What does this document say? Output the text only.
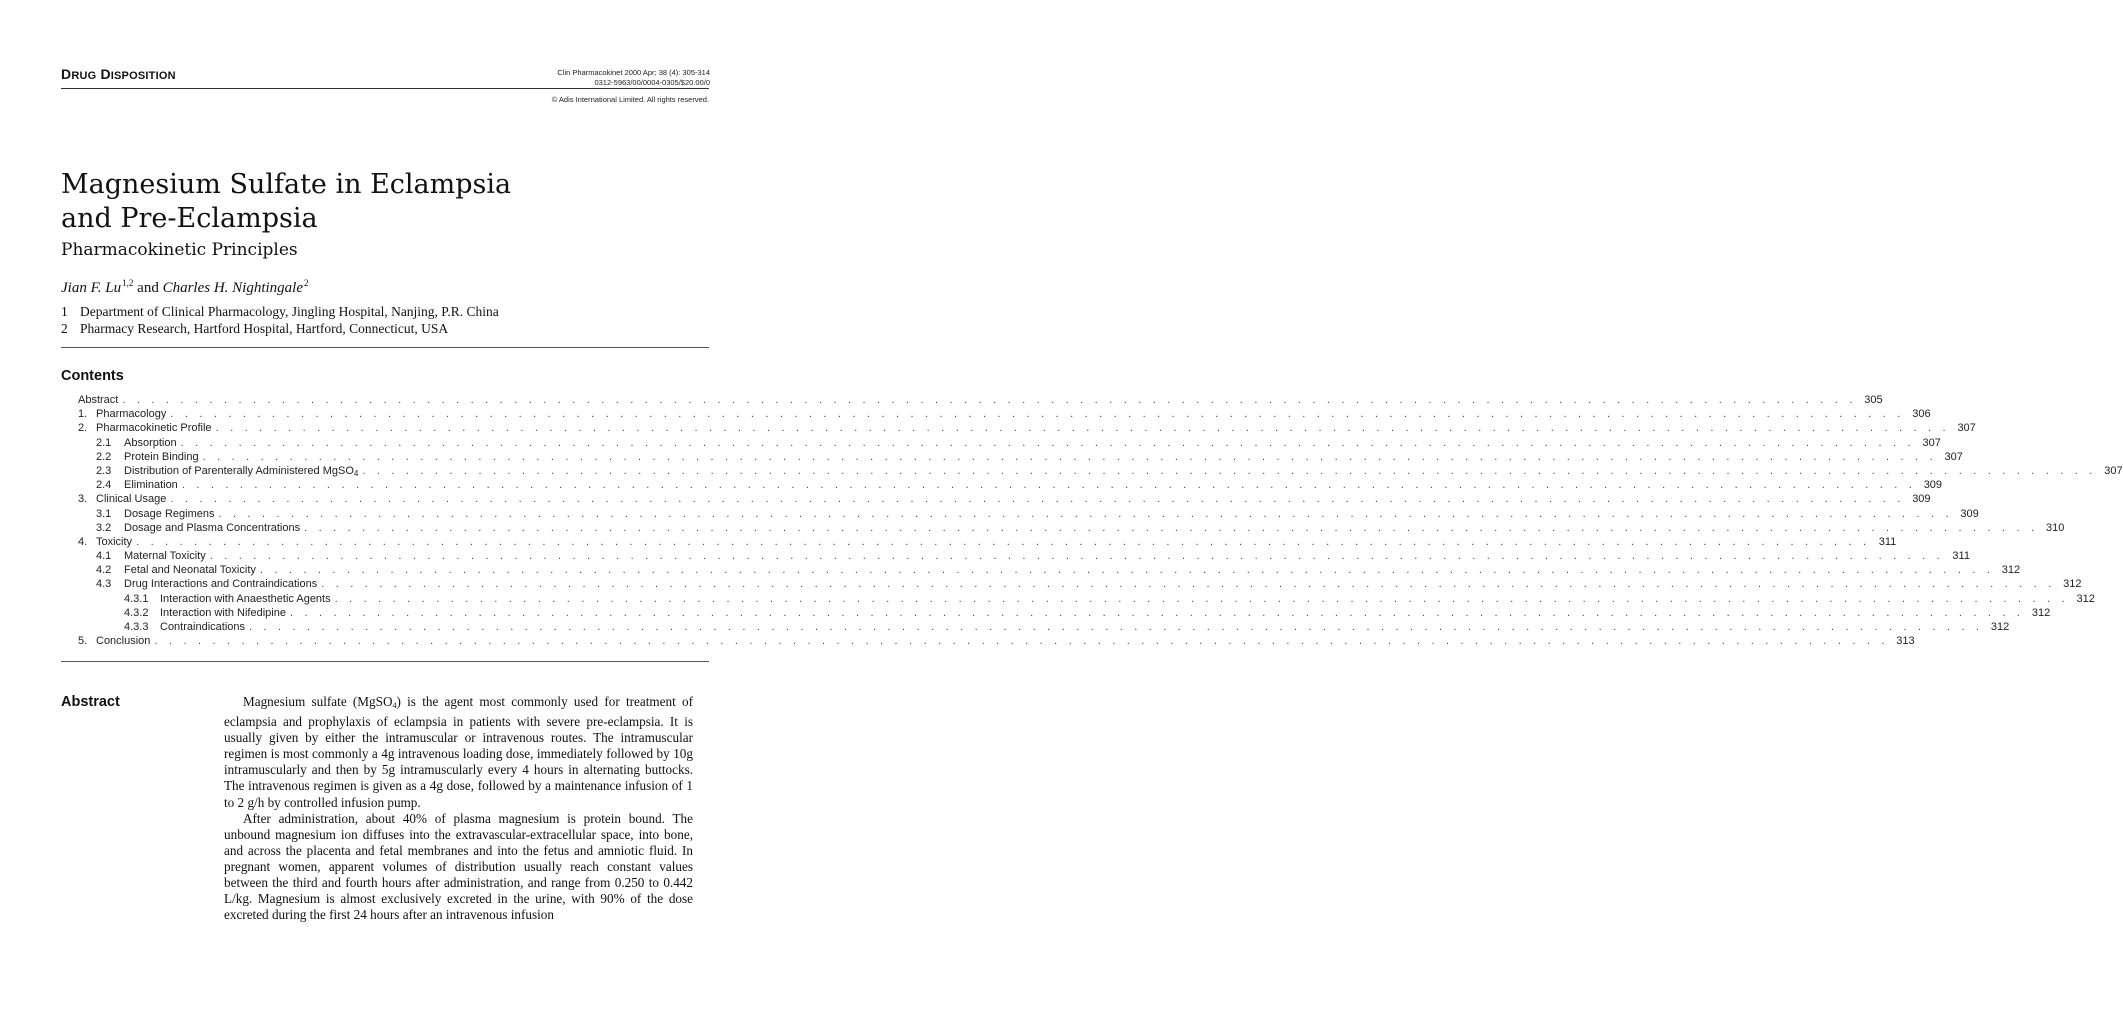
DRUG DISPOSITION	Clin Pharmacokinet 2000 Apr; 38 (4): 305-314
0312-5963/00/0004-0305/$20.00/0
© Adis International Limited. All rights reserved.
Magnesium Sulfate in Eclampsia
and Pre-Eclampsia
Pharmacokinetic Principles
Jian F. Lu$^{1,2}$ and Charles H. Nightingale$^2$
1 Department of Clinical Pharmacology, Jingling Hospital, Nanjing, P.R. China
2 Pharmacy Research, Hartford Hospital, Hartford, Connecticut, USA
Contents
Abstract . . . . . . . . . . . . . . . . . . . . . . . . . . . . . . . . . . . . . . . . . . . . . . . . . . . . . . . . . . . . . . . . . . . . . . . . . . . . . . . . . . . . . . . . . . . . . . . . . . . . . . . . . . . . . . . . . . . . . . . . 305
1. Pharmacology . . . . . . . . . . . . . . . . . . . . . . . . . . . . . . . . . . . . . . . . . . . . . . . . . . . . . . . . . . . . . . . . . . . . . . . . . . . . . . . . . . . . . . . . . . . . . . . . . . . . . . . . . . . . . . . . . . . . . . . . 306
2. Pharmacokinetic Profile . . . . . . . . . . . . . . . . . . . . . . . . . . . . . . . . . . . . . . . . . . . . . . . . . . . . . . . . . . . . . . . . . . . . . . . . . . . . . . . . . . . . . . . . . . . . . . . . . . . . . . . . . . . . . . . . . . . . . . . . 307
2.1	Absorption . . . . . . . . . . . . . . . . . . . . . . . . . . . . . . . . . . . . . . . . . . . . . . . . . . . . . . . . . . . . . . . . . . . . . . . . . . . . . . . . . . . . . . . . . . . . . . . . . . . . . . . . . . . . . . . . . . . . . . . . 307
2.2	Protein Binding . . . . . . . . . . . . . . . . . . . . . . . . . . . . . . . . . . . . . . . . . . . . . . . . . . . . . . . . . . . . . . . . . . . . . . . . . . . . . . . . . . . . . . . . . . . . . . . . . . . . . . . . . . . . . . . . . . . . . . . . 307
2.3	Distribution of Parenterally Administered MgSO$_4$ . . . . . . . . . . . . . . . . . . . . . . . . . . . . . . . . . . . . . . . . . . . . . . . . . . . . . . . . . . . . . . . . . . . . . . . . . . . . . . . . . . . . . . . . . . . . . . . . . . . . . . . . . . . . . . . . . . . . . . . . 307
2.4	Elimination . . . . . . . . . . . . . . . . . . . . . . . . . . . . . . . . . . . . . . . . . . . . . . . . . . . . . . . . . . . . . . . . . . . . . . . . . . . . . . . . . . . . . . . . . . . . . . . . . . . . . . . . . . . . . . . . . . . . . . . . 309
3. Clinical Usage . . . . . . . . . . . . . . . . . . . . . . . . . . . . . . . . . . . . . . . . . . . . . . . . . . . . . . . . . . . . . . . . . . . . . . . . . . . . . . . . . . . . . . . . . . . . . . . . . . . . . . . . . . . . . . . . . . . . . . . . 309
3.1	Dosage Regimens . . . . . . . . . . . . . . . . . . . . . . . . . . . . . . . . . . . . . . . . . . . . . . . . . . . . . . . . . . . . . . . . . . . . . . . . . . . . . . . . . . . . . . . . . . . . . . . . . . . . . . . . . . . . . . . . . . . . . . . . 309
3.2	Dosage and Plasma Concentrations . . . . . . . . . . . . . . . . . . . . . . . . . . . . . . . . . . . . . . . . . . . . . . . . . . . . . . . . . . . . . . . . . . . . . . . . . . . . . . . . . . . . . . . . . . . . . . . . . . . . . . . . . . . . . . . . . . . . . . . . 310
4. Toxicity . . . . . . . . . . . . . . . . . . . . . . . . . . . . . . . . . . . . . . . . . . . . . . . . . . . . . . . . . . . . . . . . . . . . . . . . . . . . . . . . . . . . . . . . . . . . . . . . . . . . . . . . . . . . . . . . . . . . . . . . 311
4.1	Maternal Toxicity . . . . . . . . . . . . . . . . . . . . . . . . . . . . . . . . . . . . . . . . . . . . . . . . . . . . . . . . . . . . . . . . . . . . . . . . . . . . . . . . . . . . . . . . . . . . . . . . . . . . . . . . . . . . . . . . . . . . . . . . 311
4.2	Fetal and Neonatal Toxicity . . . . . . . . . . . . . . . . . . . . . . . . . . . . . . . . . . . . . . . . . . . . . . . . . . . . . . . . . . . . . . . . . . . . . . . . . . . . . . . . . . . . . . . . . . . . . . . . . . . . . . . . . . . . . . . . . . . . . . . . 312
4.3	Drug Interactions and Contraindications . . . . . . . . . . . . . . . . . . . . . . . . . . . . . . . . . . . . . . . . . . . . . . . . . . . . . . . . . . . . . . . . . . . . . . . . . . . . . . . . . . . . . . . . . . . . . . . . . . . . . . . . . . . . . . . . . . . . . . . . 312
4.3.1	Interaction with Anaesthetic Agents . . . . . . . . . . . . . . . . . . . . . . . . . . . . . . . . . . . . . . . . . . . . . . . . . . . . . . . . . . . . . . . . . . . . . . . . . . . . . . . . . . . . . . . . . . . . . . . . . . . . . . . . . . . . . . . . . . . . . . . . 312
4.3.2	Interaction with Nifedipine . . . . . . . . . . . . . . . . . . . . . . . . . . . . . . . . . . . . . . . . . . . . . . . . . . . . . . . . . . . . . . . . . . . . . . . . . . . . . . . . . . . . . . . . . . . . . . . . . . . . . . . . . . . . . . . . . . . . . . . . 312
4.3.3	Contraindications . . . . . . . . . . . . . . . . . . . . . . . . . . . . . . . . . . . . . . . . . . . . . . . . . . . . . . . . . . . . . . . . . . . . . . . . . . . . . . . . . . . . . . . . . . . . . . . . . . . . . . . . . . . . . . . . . . . . . . . . 312
5. Conclusion . . . . . . . . . . . . . . . . . . . . . . . . . . . . . . . . . . . . . . . . . . . . . . . . . . . . . . . . . . . . . . . . . . . . . . . . . . . . . . . . . . . . . . . . . . . . . . . . . . . . . . . . . . . . . . . . . . . . . . . . 313
Abstract	Magnesium sulfate (MgSO$_4$) is the agent most commonly used for treatment of eclampsia and prophylaxis of eclampsia in patients with severe pre-eclampsia. It is usually given by either the intramuscular or intravenous routes. The intramuscular regimen is most commonly a 4g intravenous loading dose, immediately followed by 10g intramuscularly and then by 5g intramuscularly every 4 hours in alternating buttocks. The intravenous regimen is given as a 4g dose, followed by a maintenance infusion of 1 to 2 g/h by controlled infusion pump.

After administration, about 40% of plasma magnesium is protein bound. The unbound magnesium ion diffuses into the extravascular-extracellular space, into bone, and across the placenta and fetal membranes and into the fetus and amniotic fluid. In pregnant women, apparent volumes of distribution usually reach constant values between the third and fourth hours after administration, and range from 0.250 to 0.442 L/kg. Magnesium is almost exclusively excreted in the urine, with 90% of the dose excreted during the first 24 hours after an intravenous infusion
